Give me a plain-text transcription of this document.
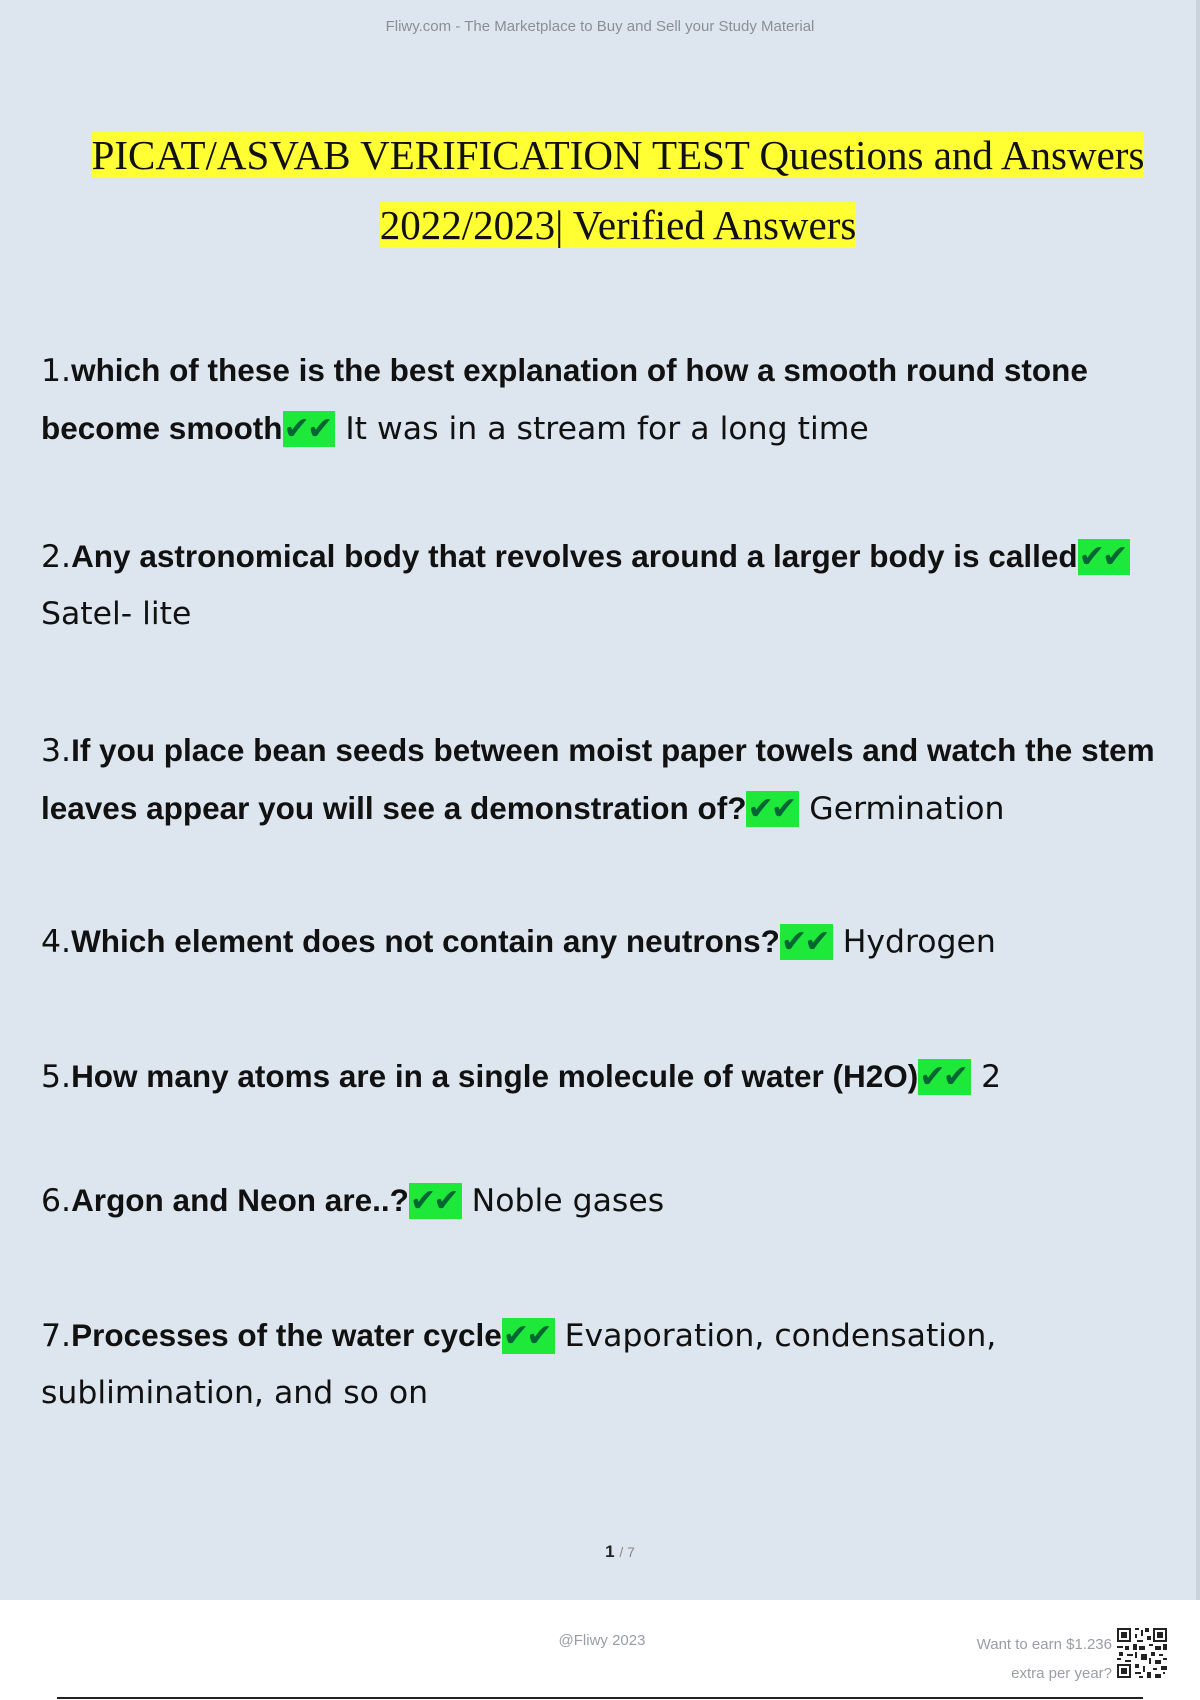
Fliwy.com - The Marketplace to Buy and Sell your Study Material
PICAT/ASVAB VERIFICATION TEST Questions and Answers
2022/2023| Verified Answers
1.which of these is the best explanation of how a smooth round stone become smooth✔✔ It was in a stream for a long time
2.Any astronomical body that revolves around a larger body is called✔✔
Satel- lite
3.If you place bean seeds between moist paper towels and watch the stem leaves appear you will see a demonstration of?✔✔ Germination
4.Which element does not contain any neutrons?✔✔ Hydrogen
5.How many atoms are in a single molecule of water (H2O)✔✔ 2
6.Argon and Neon are..?✔✔ Noble gases
7.Processes of the water cycle✔✔ Evaporation, condensation, sublimination, and so on
1 / 7
@Fliwy 2023	Want to earn $1.236
extra per year?
